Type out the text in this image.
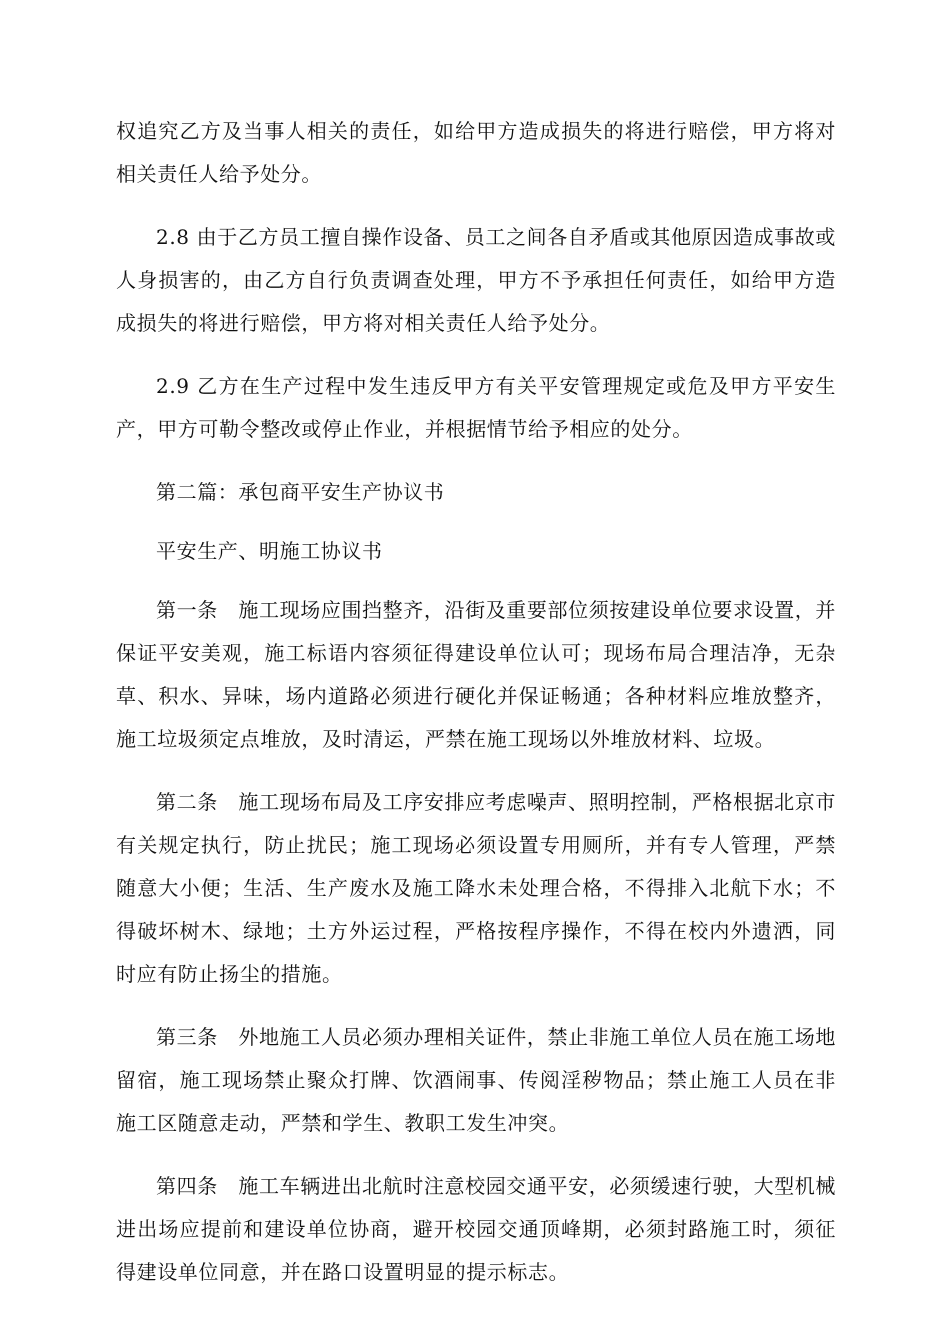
权追究乙方及当事人相关的责任，如给甲方造成损失的将进行赔偿，甲方将对相关责任人给予处分。

2.8 由于乙方员工擅自操作设备、员工之间各自矛盾或其他原因造成事故或人身损害的，由乙方自行负责调查处理，甲方不予承担任何责任，如给甲方造成损失的将进行赔偿，甲方将对相关责任人给予处分。

2.9 乙方在生产过程中发生违反甲方有关平安管理规定或危及甲方平安生产，甲方可勒令整改或停止作业，并根据情节给予相应的处分。

第二篇：承包商平安生产协议书

平安生产、明施工协议书

第一条　施工现场应围挡整齐，沿街及重要部位须按建设单位要求设置，并保证平安美观，施工标语内容须征得建设单位认可；现场布局合理洁净，无杂草、积水、异味，场内道路必须进行硬化并保证畅通；各种材料应堆放整齐，施工垃圾须定点堆放，及时清运，严禁在施工现场以外堆放材料、垃圾。

第二条　施工现场布局及工序安排应考虑噪声、照明控制，严格根据北京市有关规定执行，防止扰民；施工现场必须设置专用厕所，并有专人管理，严禁随意大小便；生活、生产废水及施工降水未处理合格，不得排入北航下水；不得破坏树木、绿地；土方外运过程，严格按程序操作，不得在校内外遗洒，同时应有防止扬尘的措施。

第三条　外地施工人员必须办理相关证件，禁止非施工单位人员在施工场地留宿，施工现场禁止聚众打牌、饮酒闹事、传阅淫秽物品；禁止施工人员在非施工区随意走动，严禁和学生、教职工发生冲突。

第四条　施工车辆进出北航时注意校园交通平安，必须缓速行驶，大型机械进出场应提前和建设单位协商，避开校园交通顶峰期，必须封路施工时，须征得建设单位同意，并在路口设置明显的提示标志。
